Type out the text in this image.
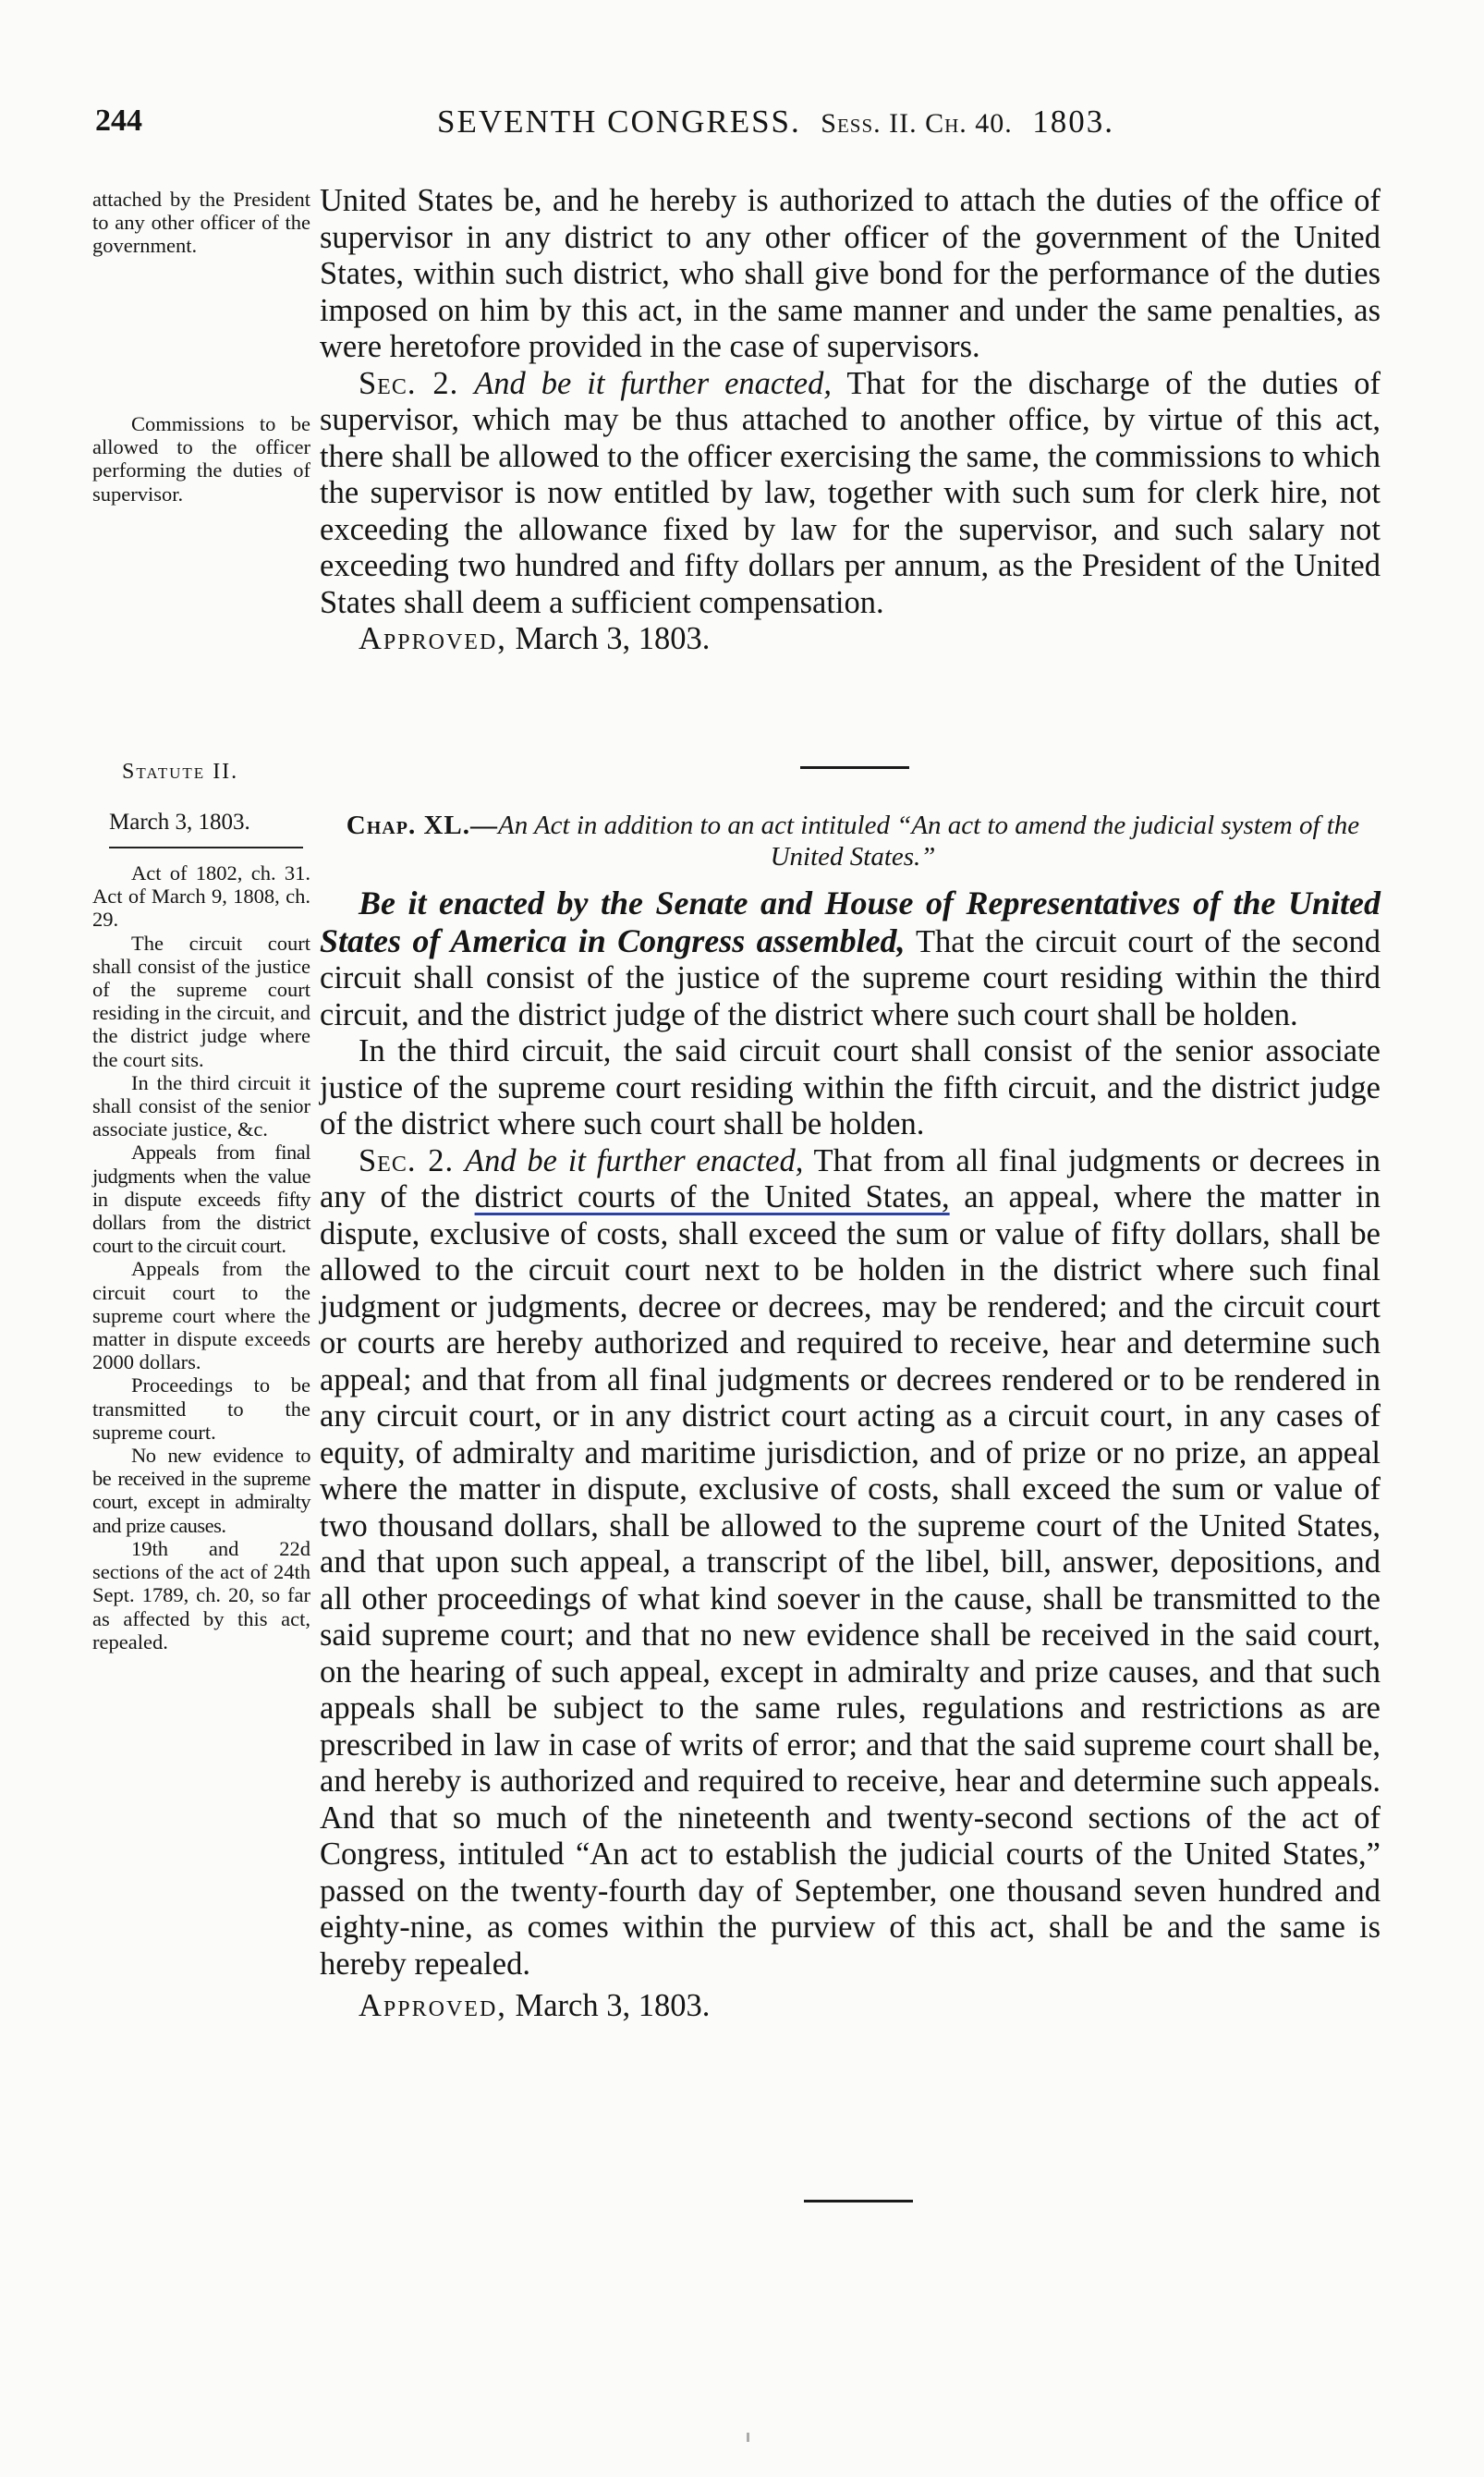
244	SEVENTH CONGRESS. Sess. II. Ch. 40. 1803.

attached by the President to any other officer of the government.

Commissions to be allowed to the officer performing the duties of supervisor.

Statute II.
March 3, 1803.

Act of 1802, ch. 31. Act of March 9, 1808, ch. 29.

The circuit court shall consist of the justice of the supreme court residing in the circuit, and the district judge where the court sits.

In the third circuit it shall consist of the senior associate justice, &c.

Appeals from final judgments when the value in dispute exceeds fifty dollars from the district court to the circuit court.

Appeals from the circuit court to the supreme court where the matter in dispute exceeds 2000 dollars.

Proceedings to be transmitted to the supreme court.

No new evidence to be received in the supreme court, except in admiralty and prize causes.

19th and 22d sections of the act of 24th Sept. 1789, ch. 20, so far as affected by this act, repealed.

United States be, and he hereby is authorized to attach the duties of the office of supervisor in any district to any other officer of the government of the United States, within such district, who shall give bond for the performance of the duties imposed on him by this act, in the same manner and under the same penalties, as were heretofore provided in the case of supervisors.

Sec. 2. And be it further enacted, That for the discharge of the duties of supervisor, which may be thus attached to another office, by virtue of this act, there shall be allowed to the officer exercising the same, the commissions to which the supervisor is now entitled by law, together with such sum for clerk hire, not exceeding the allowance fixed by law for the supervisor, and such salary not exceeding two hundred and fifty dollars per annum, as the President of the United States shall deem a sufficient compensation.

Approved, March 3, 1803.

Chap. XL.—An Act in addition to an act intituled “An act to amend the judicial system of the United States.”

Be it enacted by the Senate and House of Representatives of the United States of America in Congress assembled, That the circuit court of the second circuit shall consist of the justice of the supreme court residing within the third circuit, and the district judge of the district where such court shall be holden.

In the third circuit, the said circuit court shall consist of the senior associate justice of the supreme court residing within the fifth circuit, and the district judge of the district where such court shall be holden.

Sec. 2. And be it further enacted, That from all final judgments or decrees in any of the district courts of the United States, an appeal, where the matter in dispute, exclusive of costs, shall exceed the sum or value of fifty dollars, shall be allowed to the circuit court next to be holden in the district where such final judgment or judgments, decree or decrees, may be rendered; and the circuit court or courts are hereby authorized and required to receive, hear and determine such appeal; and that from all final judgments or decrees rendered or to be rendered in any circuit court, or in any district court acting as a circuit court, in any cases of equity, of admiralty and maritime jurisdiction, and of prize or no prize, an appeal where the matter in dispute, exclusive of costs, shall exceed the sum or value of two thousand dollars, shall be allowed to the supreme court of the United States, and that upon such appeal, a transcript of the libel, bill, answer, depositions, and all other proceedings of what kind soever in the cause, shall be transmitted to the said supreme court; and that no new evidence shall be received in the said court, on the hearing of such appeal, except in admiralty and prize causes, and that such appeals shall be subject to the same rules, regulations and restrictions as are prescribed in law in case of writs of error; and that the said supreme court shall be, and hereby is authorized and required to receive, hear and determine such appeals. And that so much of the nineteenth and twenty-second sections of the act of Congress, intituled “An act to establish the judicial courts of the United States,” passed on the twenty-fourth day of September, one thousand seven hundred and eighty-nine, as comes within the purview of this act, shall be and the same is hereby repealed.

Approved, March 3, 1803.
